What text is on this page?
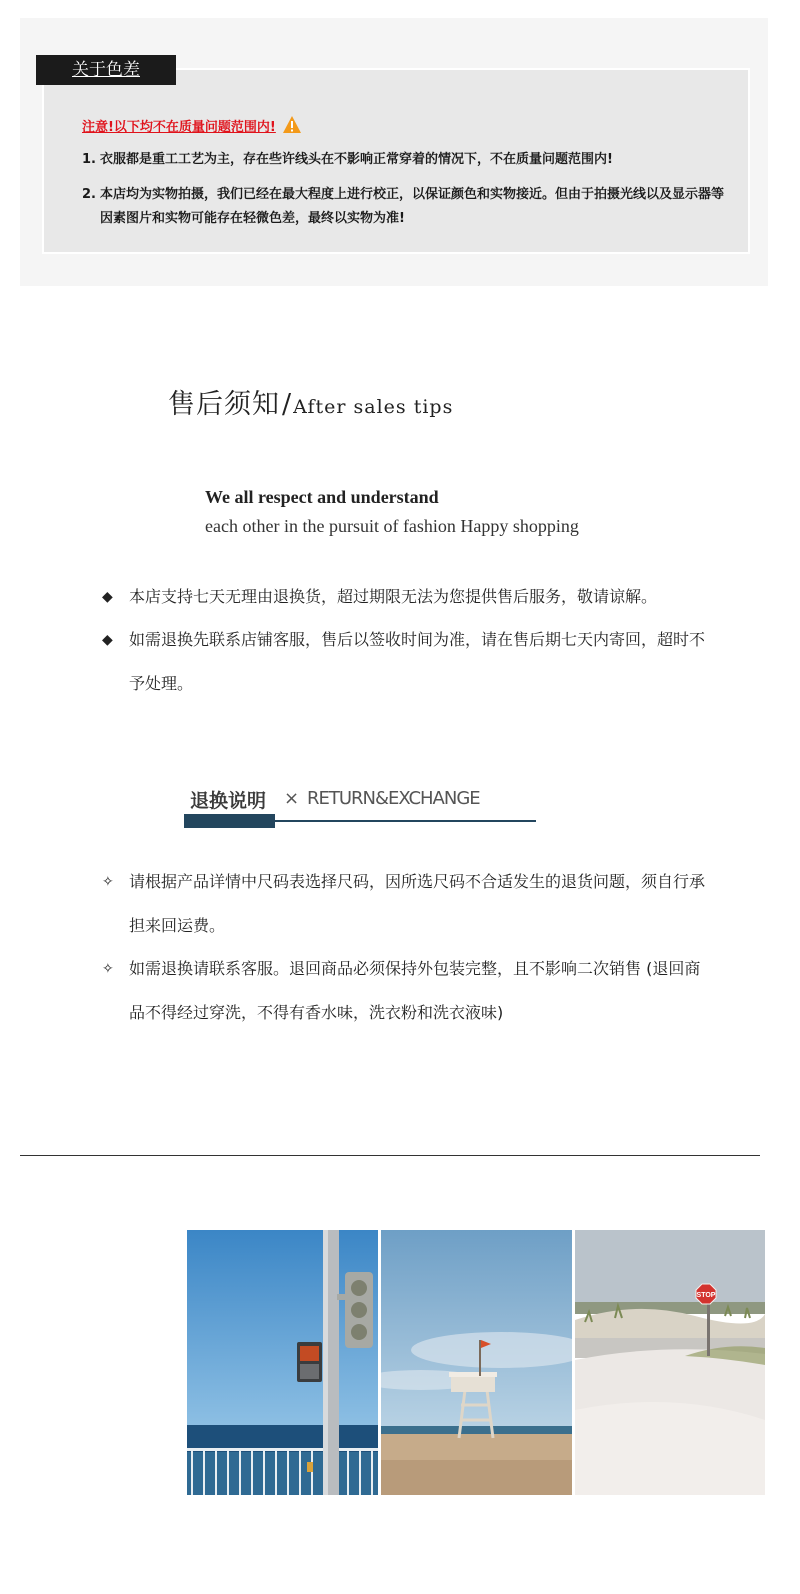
关于色差
注意!以下均不在质量问题范围内!
1. 衣服都是重工工艺为主，存在些许线头在不影响正常穿着的情况下，不在质量问题范围内!
2. 本店均为实物拍摄，我们已经在最大程度上进行校正，以保证颜色和实物接近。但由于拍摄光线以及显示器等因素图片和实物可能存在轻微色差，最终以实物为准!
售后须知 / After sales tips
We all respect and understand
each other in the pursuit of fashion Happy shopping
◆	本店支持七天无理由退换货，超过期限无法为您提供售后服务，敬请谅解。
◆	如需退换先联系店铺客服，售后以签收时间为准，请在售后期七天内寄回，超时不予处理。
退换说明 × RETURN&EXCHANGE
✧ 请根据产品详情中尺码表选择尺码，因所选尺码不合适发生的退货问题，须自行承担来回运费。
✧ 如需退换请联系客服。退回商品必须保持外包装完整，且不影响二次销售 (退回商品不得经过穿洗，不得有香水味，洗衣粉和洗衣液味)
STOP
